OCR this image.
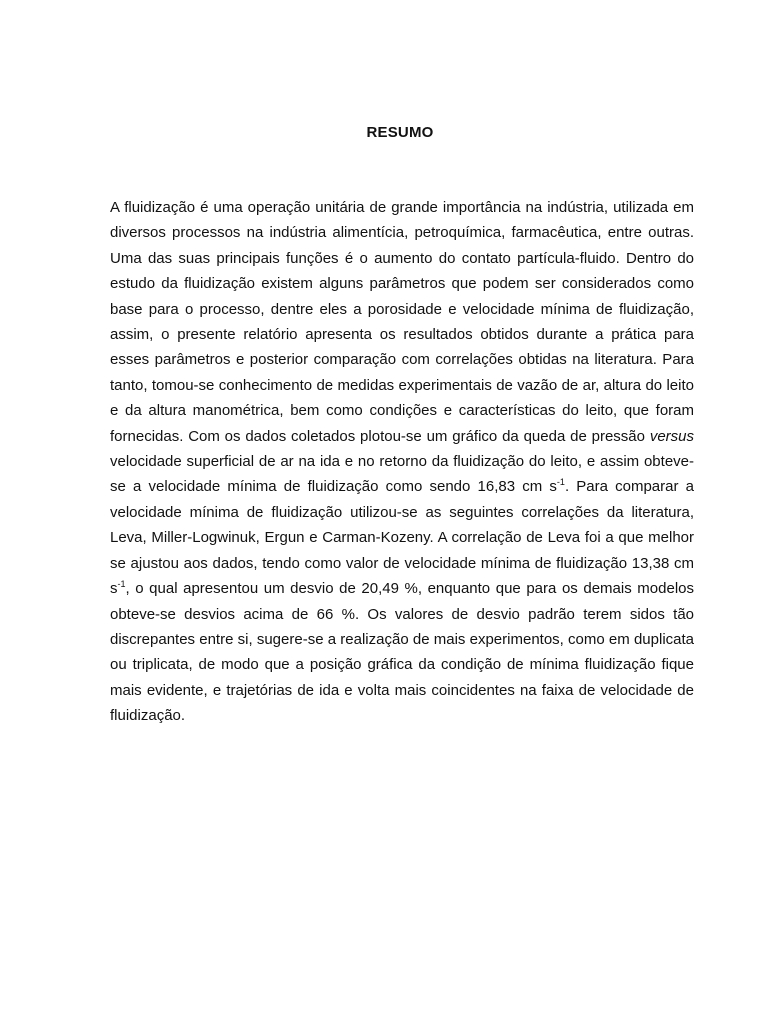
RESUMO

A fluidização é uma operação unitária de grande importância na indústria, utilizada em diversos processos na indústria alimentícia, petroquímica, farmacêutica, entre outras. Uma das suas principais funções é o aumento do contato partícula-fluido. Dentro do estudo da fluidização existem alguns parâmetros que podem ser considerados como base para o processo, dentre eles a porosidade e velocidade mínima de fluidização, assim, o presente relatório apresenta os resultados obtidos durante a prática para esses parâmetros e posterior comparação com correlações obtidas na literatura. Para tanto, tomou-se conhecimento de medidas experimentais de vazão de ar, altura do leito e da altura manométrica, bem como condições e características do leito, que foram fornecidas. Com os dados coletados plotou-se um gráfico da queda de pressão versus velocidade superficial de ar na ida e no retorno da fluidização do leito, e assim obteve-se a velocidade mínima de fluidização como sendo 16,83 cm $s^{-1}$. Para comparar a velocidade mínima de fluidização utilizou-se as seguintes correlações da literatura, Leva, Miller-Logwinuk, Ergun e Carman-Kozeny. A correlação de Leva foi a que melhor se ajustou aos dados, tendo como valor de velocidade mínima de fluidização 13,38 cm $s^{-1}$, o qual apresentou um desvio de 20,49 %, enquanto que para os demais modelos obteve-se desvios acima de 66 %. Os valores de desvio padrão terem sidos tão discrepantes entre si, sugere-se a realização de mais experimentos, como em duplicata ou triplicata, de modo que a posição gráfica da condição de mínima fluidização fique mais evidente, e trajetórias de ida e volta mais coincidentes na faixa de velocidade de fluidização.
